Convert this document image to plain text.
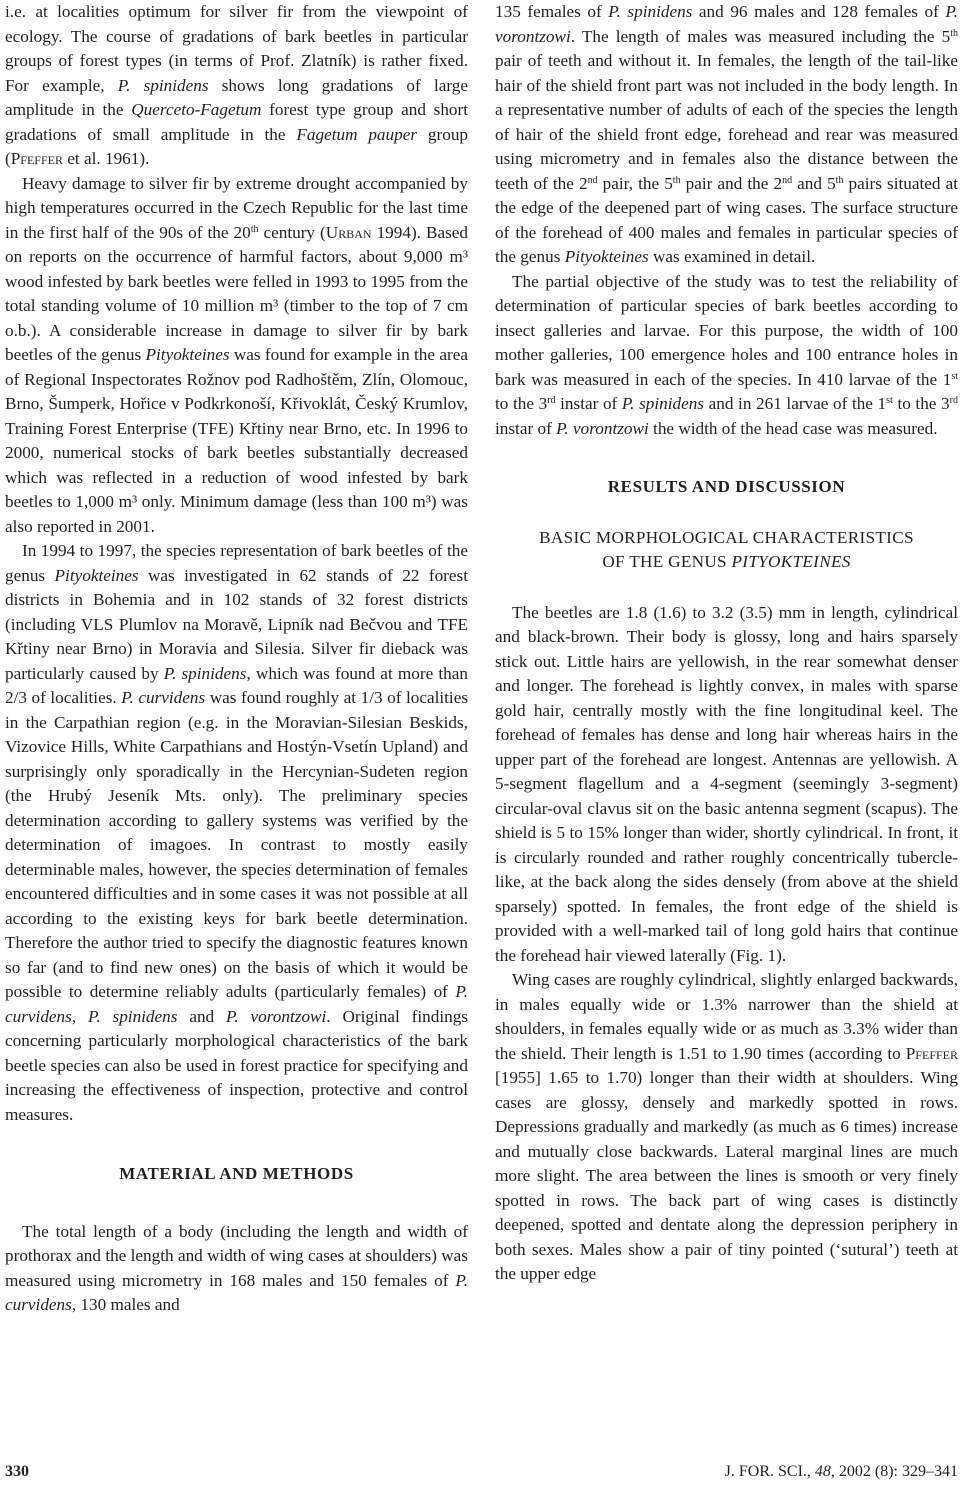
i.e. at localities optimum for silver fir from the viewpoint of ecology. The course of gradations of bark beetles in particular groups of forest types (in terms of Prof. Zlatník) is rather fixed. For example, P. spinidens shows long gradations of large amplitude in the Querceto-Fagetum forest type group and short gradations of small amplitude in the Fagetum pauper group (Pfeffer et al. 1961).

Heavy damage to silver fir by extreme drought accompanied by high temperatures occurred in the Czech Republic for the last time in the first half of the 90s of the 20th century (Urban 1994). Based on reports on the occurrence of harmful factors, about 9,000 m³ wood infested by bark beetles were felled in 1993 to 1995 from the total standing volume of 10 million m³ (timber to the top of 7 cm o.b.). A considerable increase in damage to silver fir by bark beetles of the genus Pityokteines was found for example in the area of Regional Inspectorates Rožnov pod Radhoštěm, Zlín, Olomouc, Brno, Šumperk, Hořice v Podkrkonoší, Křivoklát, Český Krumlov, Training Forest Enterprise (TFE) Křtiny near Brno, etc. In 1996 to 2000, numerical stocks of bark beetles substantially decreased which was reflected in a reduction of wood infested by bark beetles to 1,000 m³ only. Minimum damage (less than 100 m³) was also reported in 2001.

In 1994 to 1997, the species representation of bark beetles of the genus Pityokteines was investigated in 62 stands of 22 forest districts in Bohemia and in 102 stands of 32 forest districts (including VLS Plumlov na Moravě, Lipník nad Bečvou and TFE Křtiny near Brno) in Moravia and Silesia. Silver fir dieback was particularly caused by P. spinidens, which was found at more than 2/3 of localities. P. curvidens was found roughly at 1/3 of localities in the Carpathian region (e.g. in the Moravian-Silesian Beskids, Vizovice Hills, White Carpathians and Hostýn-Vsetín Upland) and surprisingly only sporadically in the Hercynian-Sudeten region (the Hrubý Jeseník Mts. only). The preliminary species determination according to gallery systems was verified by the determination of imagoes. In contrast to mostly easily determinable males, however, the species determination of females encountered difficulties and in some cases it was not possible at all according to the existing keys for bark beetle determination. Therefore the author tried to specify the diagnostic features known so far (and to find new ones) on the basis of which it would be possible to determine reliably adults (particularly females) of P. curvidens, P. spinidens and P. vorontzowi. Original findings concerning particularly morphological characteristics of the bark beetle species can also be used in forest practice for specifying and increasing the effectiveness of inspection, protective and control measures.

MATERIAL AND METHODS

The total length of a body (including the length and width of prothorax and the length and width of wing cases at shoulders) was measured using micrometry in 168 males and 150 females of P. curvidens, 130 males and

135 females of P. spinidens and 96 males and 128 females of P. vorontzowi. The length of males was measured including the 5th pair of teeth and without it. In females, the length of the tail-like hair of the shield front part was not included in the body length. In a representative number of adults of each of the species the length of hair of the shield front edge, forehead and rear was measured using micrometry and in females also the distance between the teeth of the 2nd pair, the 5th pair and the 2nd and 5th pairs situated at the edge of the deepened part of wing cases. The surface structure of the forehead of 400 males and females in particular species of the genus Pityokteines was examined in detail.

The partial objective of the study was to test the reliability of determination of particular species of bark beetles according to insect galleries and larvae. For this purpose, the width of 100 mother galleries, 100 emergence holes and 100 entrance holes in bark was measured in each of the species. In 410 larvae of the 1st to the 3rd instar of P. spinidens and in 261 larvae of the 1st to the 3rd instar of P. vorontzowi the width of the head case was measured.

RESULTS AND DISCUSSION
BASIC MORPHOLOGICAL CHARACTERISTICS
OF THE GENUS PITYOKTEINES

The beetles are 1.8 (1.6) to 3.2 (3.5) mm in length, cylindrical and black-brown. Their body is glossy, long and hairs sparsely stick out. Little hairs are yellowish, in the rear somewhat denser and longer. The forehead is lightly convex, in males with sparse gold hair, centrally mostly with the fine longitudinal keel. The forehead of females has dense and long hair whereas hairs in the upper part of the forehead are longest. Antennas are yellowish. A 5-segment flagellum and a 4-segment (seemingly 3-segment) circular-oval clavus sit on the basic antenna segment (scapus). The shield is 5 to 15% longer than wider, shortly cylindrical. In front, it is circularly rounded and rather roughly concentrically tubercle-like, at the back along the sides densely (from above at the shield sparsely) spotted. In females, the front edge of the shield is provided with a well-marked tail of long gold hairs that continue the forehead hair viewed laterally (Fig. 1).

Wing cases are roughly cylindrical, slightly enlarged backwards, in males equally wide or 1.3% narrower than the shield at shoulders, in females equally wide or as much as 3.3% wider than the shield. Their length is 1.51 to 1.90 times (according to Pfeffer [1955] 1.65 to 1.70) longer than their width at shoulders. Wing cases are glossy, densely and markedly spotted in rows. Depressions gradually and markedly (as much as 6 times) increase and mutually close backwards. Lateral marginal lines are much more slight. The area between the lines is smooth or very finely spotted in rows. The back part of wing cases is distinctly deepened, spotted and dentate along the depression periphery in both sexes. Males show a pair of tiny pointed (‘sutural’) teeth at the upper edge

330	J. FOR. SCI., 48, 2002 (8): 329–341
